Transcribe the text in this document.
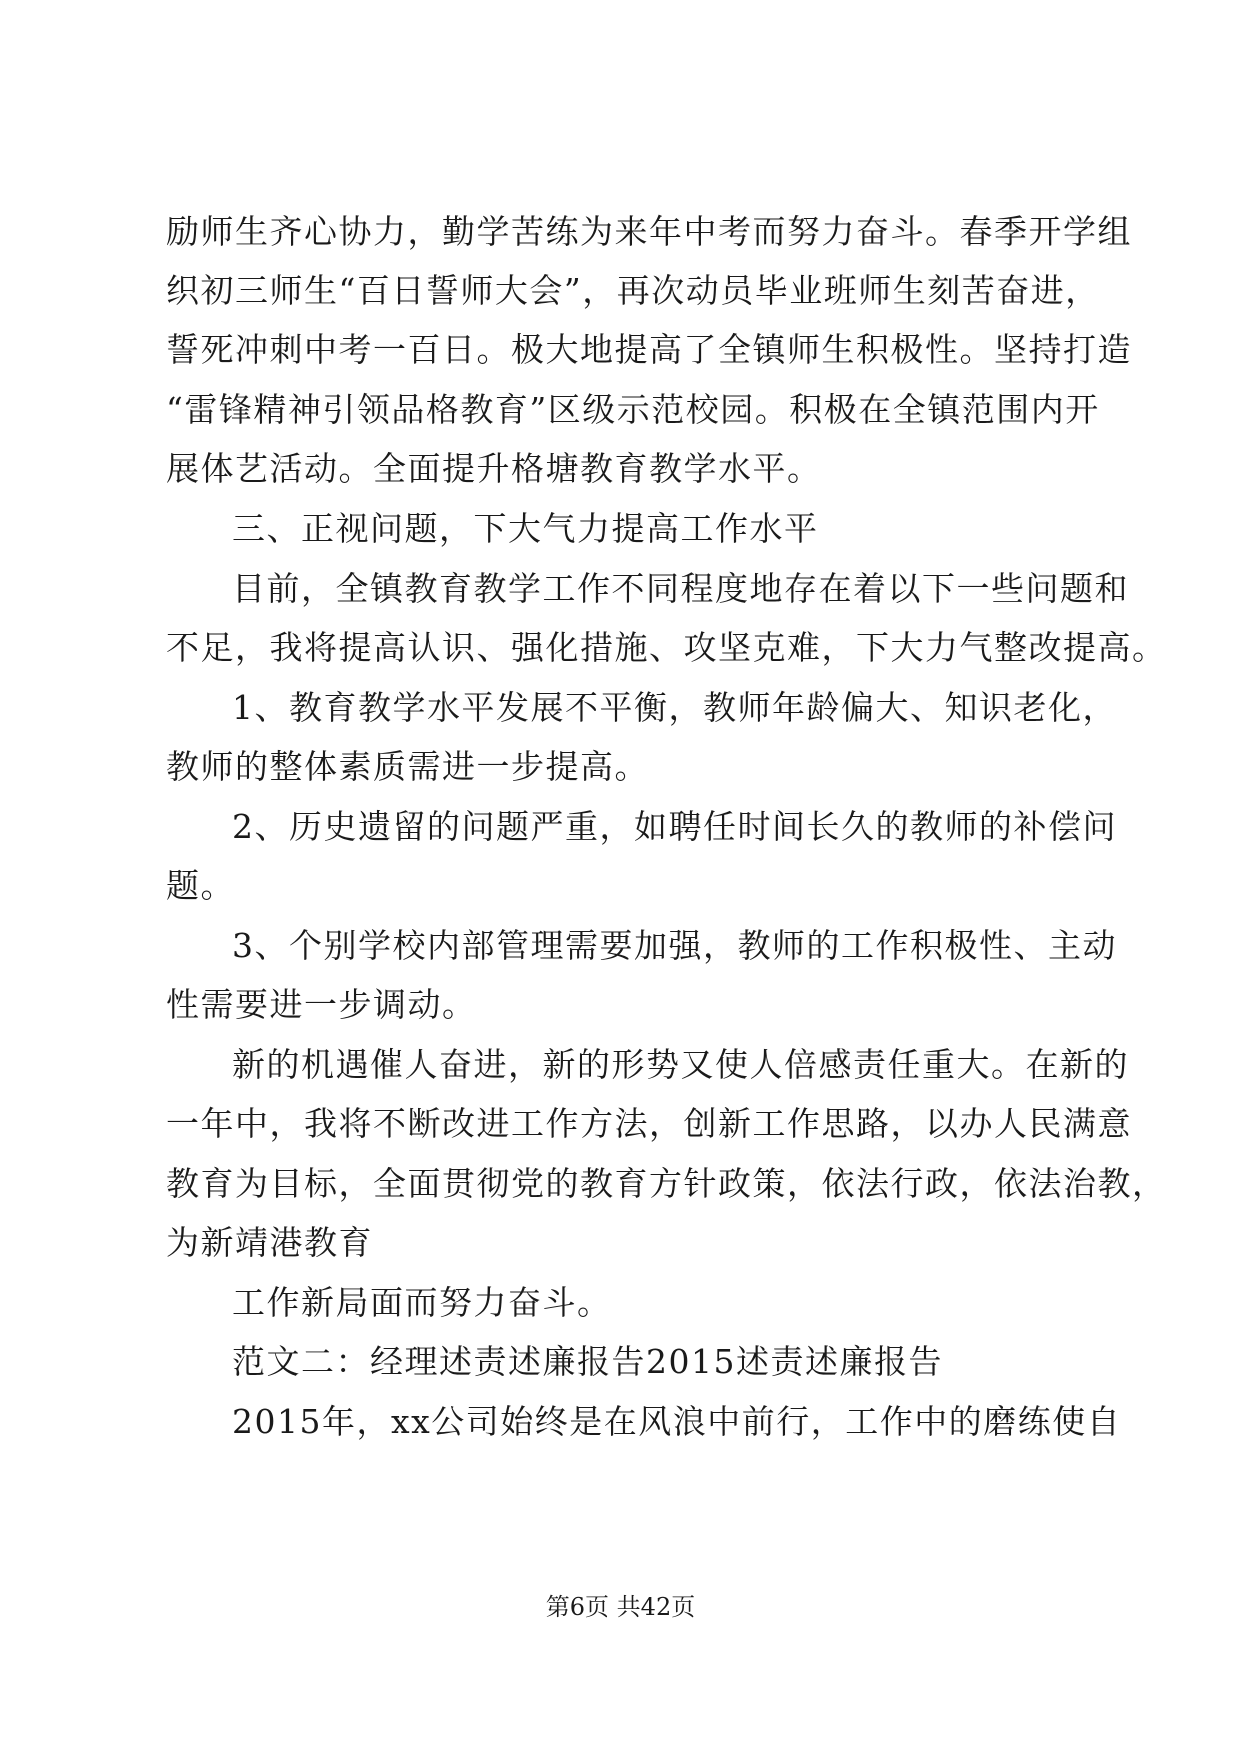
励师生齐心协力，勤学苦练为来年中考而努力奋斗。春季开学组
织初三师生“百日誓师大会”，再次动员毕业班师生刻苦奋进，
誓死冲刺中考一百日。极大地提高了全镇师生积极性。坚持打造
“雷锋精神引领品格教育”区级示范校园。积极在全镇范围内开
展体艺活动。全面提升格塘教育教学水平。
三、正视问题，下大气力提高工作水平
目前，全镇教育教学工作不同程度地存在着以下一些问题和
不足，我将提高认识、强化措施、攻坚克难，下大力气整改提高。
1、教育教学水平发展不平衡，教师年龄偏大、知识老化，
教师的整体素质需进一步提高。
2、历史遗留的问题严重，如聘任时间长久的教师的补偿问
题。
3、个别学校内部管理需要加强，教师的工作积极性、主动
性需要进一步调动。
新的机遇催人奋进，新的形势又使人倍感责任重大。在新的
一年中，我将不断改进工作方法，创新工作思路，以办人民满意
教育为目标，全面贯彻党的教育方针政策，依法行政，依法治教，
为新靖港教育
工作新局面而努力奋斗。
范文二：经理述责述廉报告2015述责述廉报告
2015年，xx公司始终是在风浪中前行，工作中的磨练使自
第6页 共42页
